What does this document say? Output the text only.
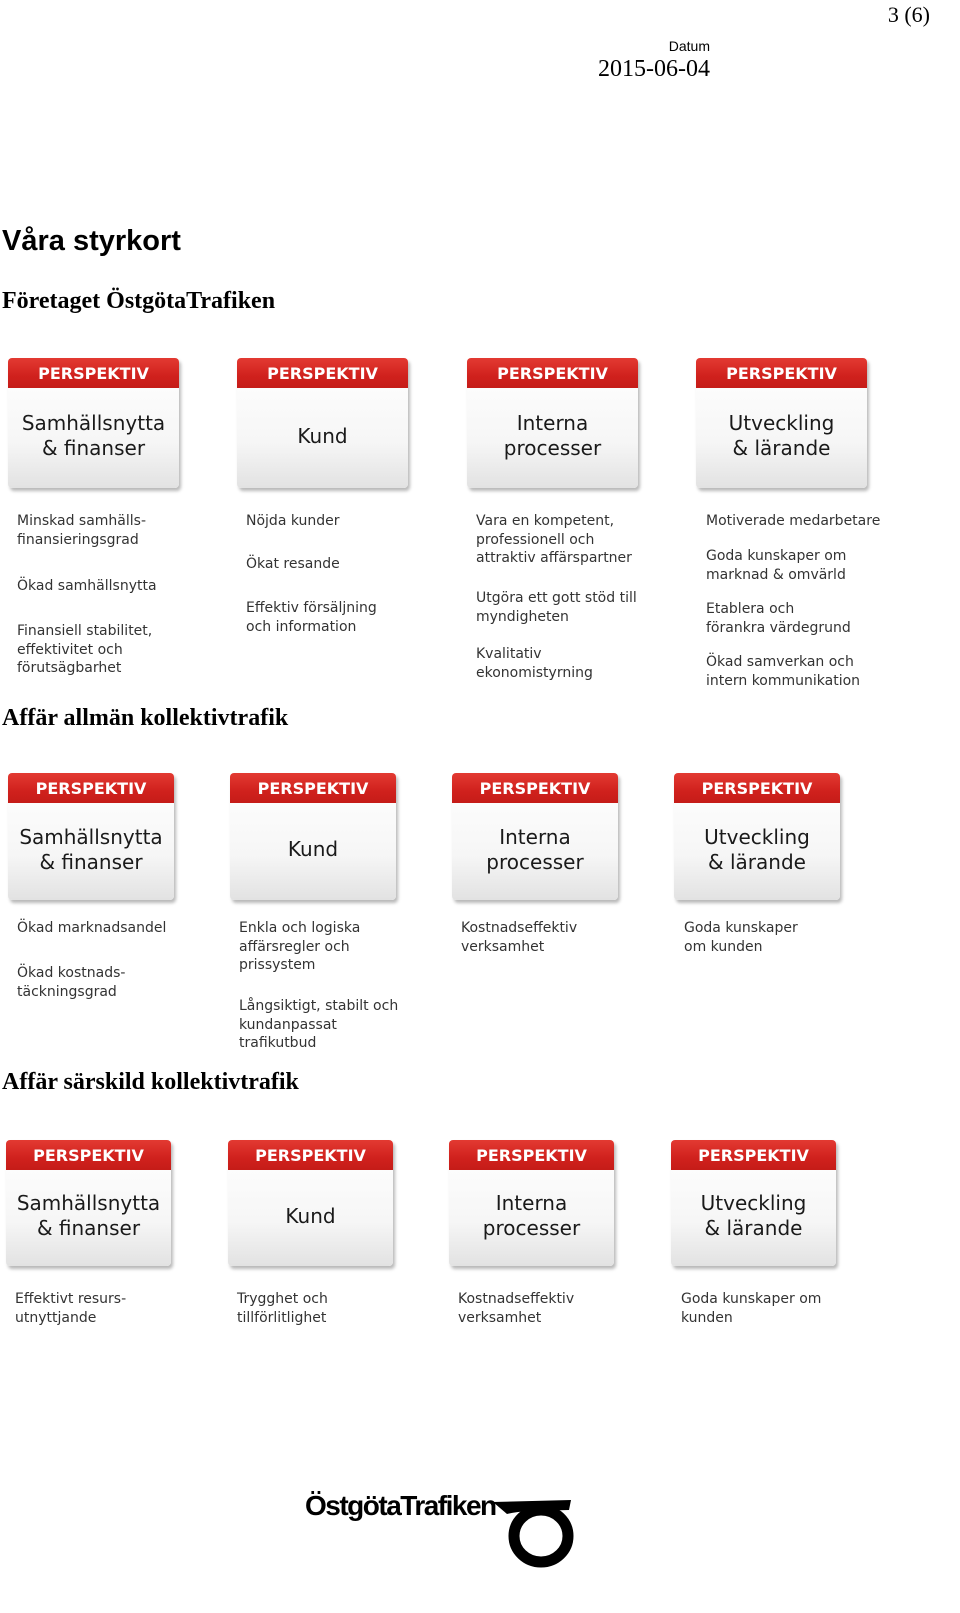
3 (6)
Datum
2015-06-04
Våra styrkort
Företaget ÖstgötaTrafiken
PERSPEKTIV
Samhällsnytta
& finanser
PERSPEKTIV
Kund
PERSPEKTIV
Interna
processer
PERSPEKTIV
Utveckling
& lärande
Minskad samhälls-
finansieringsgrad
Ökad samhällsnytta
Finansiell stabilitet,
effektivitet och
förutsägbarhet
Nöjda kunder
Ökat resande
Effektiv försäljning
och information
Vara en kompetent,
professionell och
attraktiv affärspartner
Utgöra ett gott stöd till
myndigheten
Kvalitativ
ekonomistyrning
Motiverade medarbetare
Goda kunskaper om
marknad & omvärld
Etablera och
förankra värdegrund
Ökad samverkan och
intern kommunikation
Affär allmän kollektivtrafik
PERSPEKTIV
Samhällsnytta
& finanser
PERSPEKTIV
Kund
PERSPEKTIV
Interna
processer
PERSPEKTIV
Utveckling
& lärande
Ökad marknadsandel
Ökad kostnads-
täckningsgrad
Enkla och logiska
affärsregler och
prissystem
Långsiktigt, stabilt och
kundanpassat
trafikutbud
Kostnadseffektiv
verksamhet
Goda kunskaper
om kunden
Affär särskild kollektivtrafik
PERSPEKTIV
Samhällsnytta
& finanser
PERSPEKTIV
Kund
PERSPEKTIV
Interna
processer
PERSPEKTIV
Utveckling
& lärande
Effektivt resurs-
utnyttjande
Trygghet och
tillförlitlighet
Kostnadseffektiv
verksamhet
Goda kunskaper om
kunden
ÖstgötaTrafiken
